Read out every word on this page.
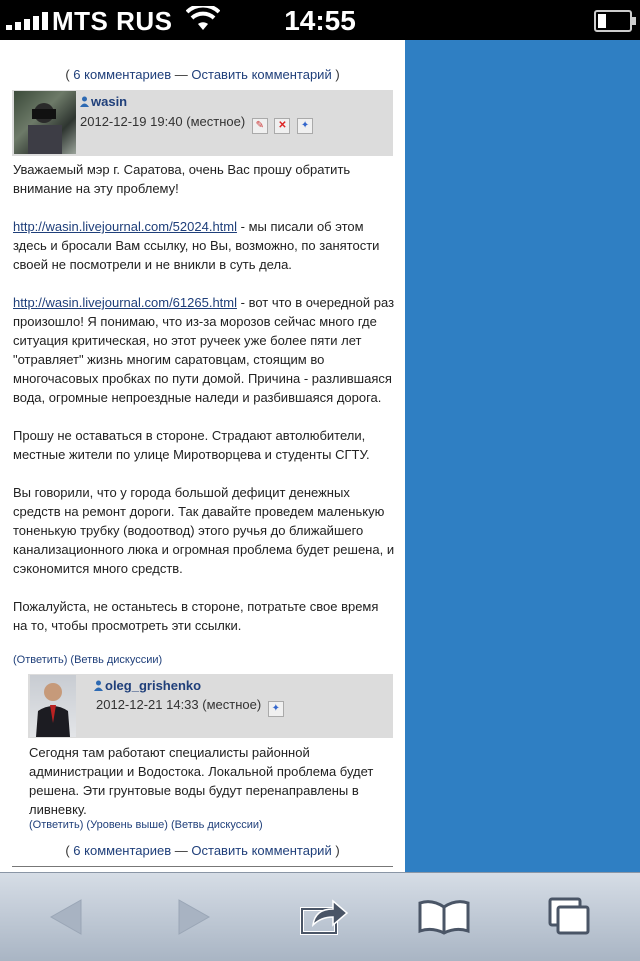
MTS RUS	14:55
( 6 комментариев — Оставить комментарий )
wasin
2012-12-19 19:40 (местное) ✎ ✕ ✦

Уважаемый мэр г. Саратова, очень Вас прошу обратить внимание на эту проблему!

http://wasin.livejournal.com/52024.html - мы писали об этом здесь и бросали Вам ссылку, но Вы, возможно, по занятости своей не посмотрели и не вникли в суть дела.

http://wasin.livejournal.com/61265.html - вот что в очередной раз произошло! Я понимаю, что из-за морозов сейчас много где ситуация критическая, но этот ручеек уже более пяти лет "отравляет" жизнь многим саратовцам, стоящим во многочасовых пробках по пути домой. Причина - разлившаяся вода, огромные непроездные наледи и разбившаяся дорога.

Прошу не оставаться в стороне. Страдают автолюбители, местные жители по улице Миротворцева и студенты СГТУ.

Вы говорили, что у города большой дефицит денежных средств на ремонт дороги. Так давайте проведем маленькую тоненькую трубку (водоотвод) этого ручья до ближайшего канализационного люка и огромная проблема будет решена, и сэкономится много средств.

Пожалуйста, не останьтесь в стороне, потратьте свое время на то, чтобы просмотреть эти ссылки.

(Ответить) (Ветвь дискуссии)
oleg_grishenko
2012-12-21 14:33 (местное) ✦

Сегодня там работают специалисты районной администрации и Водостока. Локальной проблема будет решена. Эти грунтовые воды будут перенаправлены в ливневку.

(Ответить) (Уровень выше) (Ветвь дискуссии)
( 6 комментариев — Оставить комментарий )
